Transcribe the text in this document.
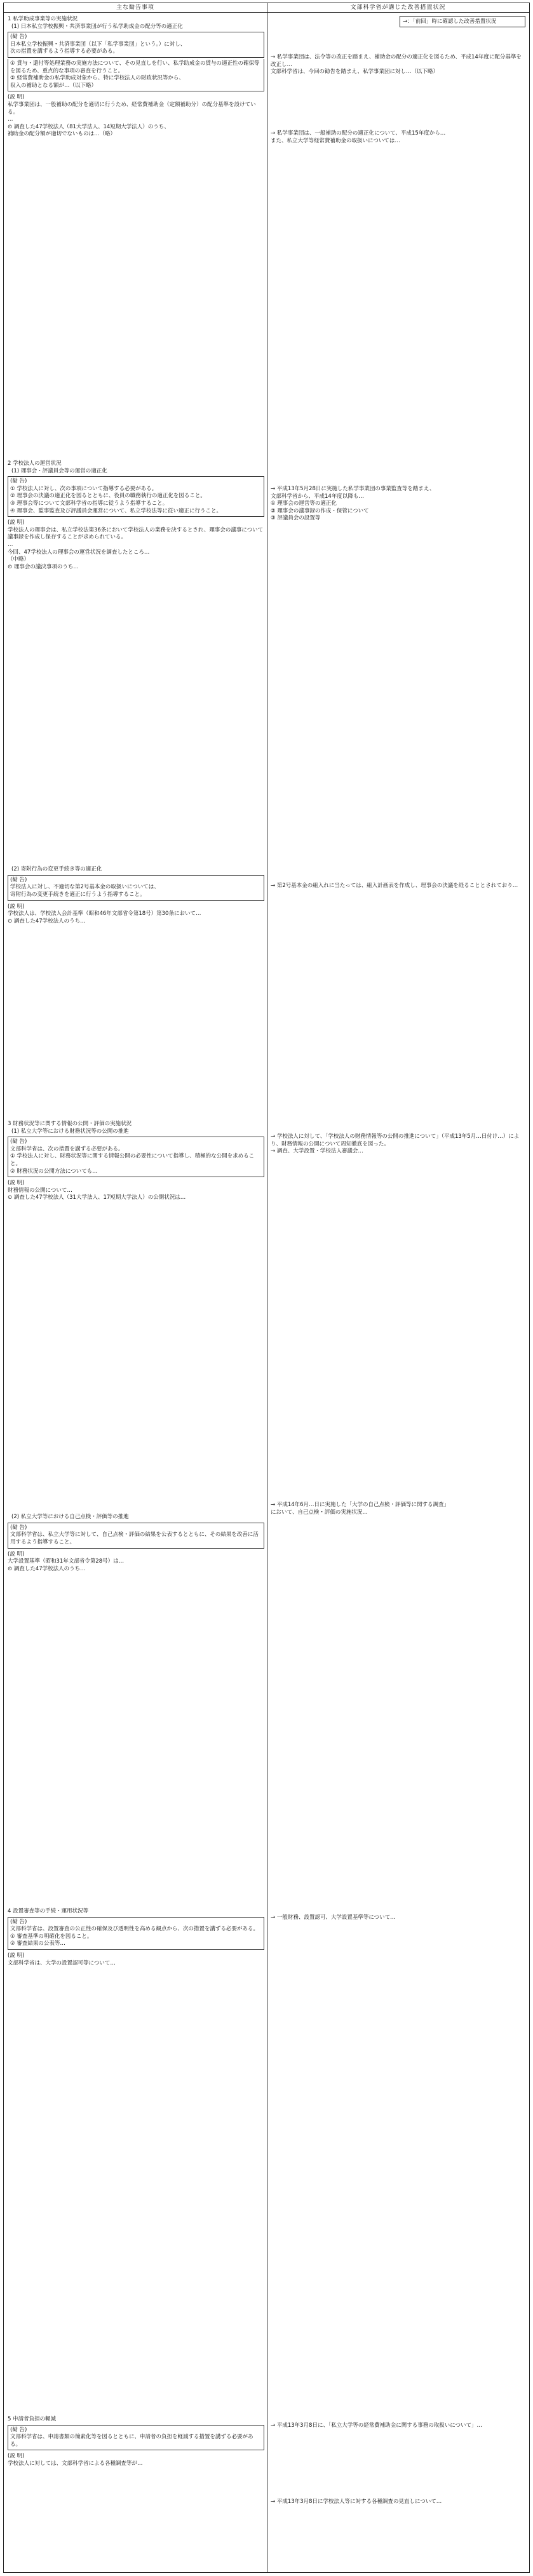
主な勧告事項	文部科学省が講じた改善措置状況
→：「前回」時に確認した改善措置状況
1 私学助成事業等の実施状況
(1) 日本私立学校振興・共済事業団が行う私学助成金の配分等の適正化
(勧 告)
日本私立学校振興・共済事業団（以下「私学事業団」という。）に対し、
次の措置を講ずるよう指導する必要がある。
① 貸与・還付等処理業務の実施方法について、その見直しを行い、私学助成金の貸与の適正性の確保等を図るため、重点的な事項の審査を行うこと。
② 経常費補助金の私学助成対象から、特に学校法人の財政状況等から、
収入の補助となる額が…（以下略）
(説 明)
私学事業団は、一般補助の配分を適切に行うため、経常費補助金（定額補助分）の配分基準を設けている。
…
⊙ 調査した47学校法人（81大学法人、14短期大学法人）のうち、
補助金の配分額が適切でないものは…（略）
2 学校法人の運営状況
(1) 理事会・評議員会等の運営の適正化
(勧 告)
① 学校法人に対し、次の事項について指導する必要がある。
② 理事会の決議の適正化を図るとともに、役員の職務執行の適正化を図ること。
③ 理事会等について文部科学省の指導に従うよう指導すること。
④ 理事会、監事監査及び評議員会運営について、私立学校法等に従い適正に行うこと。
(説 明)
学校法人の理事会は、私立学校法第36条において学校法人の業務を決するとされ、理事会の議事について議事録を作成し保存することが求められている。
…
今回、47学校法人の理事会の運営状況を調査したところ…
（中略）
⊙ 理事会の議決事項のうち…
(2) 寄附行為の変更手続き等の適正化
(勧 告)
学校法人に対し、不適切な第2号基本金の取扱いについては、
寄附行為の変更手続きを適正に行うよう指導すること。
(説 明)
学校法人は、学校法人会計基準（昭和46年文部省令第18号）第30条において…
⊙ 調査した47学校法人のうち…
3 財務状況等に関する情報の公開・評価の実施状況
(1) 私立大学等における財務状況等の公開の推進
(勧 告)
文部科学省は、次の措置を講ずる必要がある。
① 学校法人に対し、財務状況等に関する情報公開の必要性について指導し、積極的な公開を求めること。
② 財務状況の公開方法についても…
(説 明)
財務情報の公開について…
⊙ 調査した47学校法人（31大学法人、17短期大学法人）の公開状況は…
(2) 私立大学等における自己点検・評価等の推進
(勧 告)
文部科学省は、私立大学等に対して、自己点検・評価の結果を公表するとともに、その結果を改善に活用するよう指導すること。
(説 明)
大学設置基準（昭和31年文部省令第28号）は…
⊙ 調査した47学校法人のうち…
4 設置審査等の手続・運用状況等
(勧 告)
文部科学省は、設置審査の公正性の確保及び透明性を高める観点から、次の措置を講ずる必要がある。
① 審査基準の明確化を図ること。
② 審査結果の公表等…
(説 明)
文部科学省は、大学の設置認可等について…
5 申請者負担の軽減
(勧 告)
文部科学省は、申請書類の簡素化等を図るとともに、申請者の負担を軽減する措置を講ずる必要がある。
(説 明)
学校法人に対しては、文部科学省による各種調査等が…
→ 私学事業団は、法令等の改正を踏まえ、補助金の配分の適正化を図るため、平成14年度に配分基準を改正し…
文部科学省は、今回の勧告を踏まえ、私学事業団に対し…（以下略）
→ 私学事業団は、一般補助の配分の適正化について、平成15年度から…
また、私立大学等経常費補助金の取扱いについては…
→ 平成13年5月28日に実施した私学事業団の事業監査等を踏まえ、
文部科学省から、平成14年度以降も…
① 理事会の運営等の適正化
② 理事会の議事録の作成・保管について
③ 評議員会の設置等
→ 第2号基本金の組入れに当たっては、組入計画表を作成し、理事会の決議を経ることとされており…
→ 学校法人に対して、「学校法人の財務情報等の公開の推進について」（平成13年5月…日付け…）により、財務情報の公開について周知徹底を図った。
→ 調査、大学設置・学校法人審議会…
→ 平成14年6月…日に実施した「大学の自己点検・評価等に関する調査」
において、自己点検・評価の実施状況…
→ 一般財務、設置認可、大学設置基準等について…
→ 平成13年3月8日に、「私立大学等の経常費補助金に関する事務の取扱いについて」…
→ 平成13年3月8日に学校法人等に対する各種調査の見直しについて…
